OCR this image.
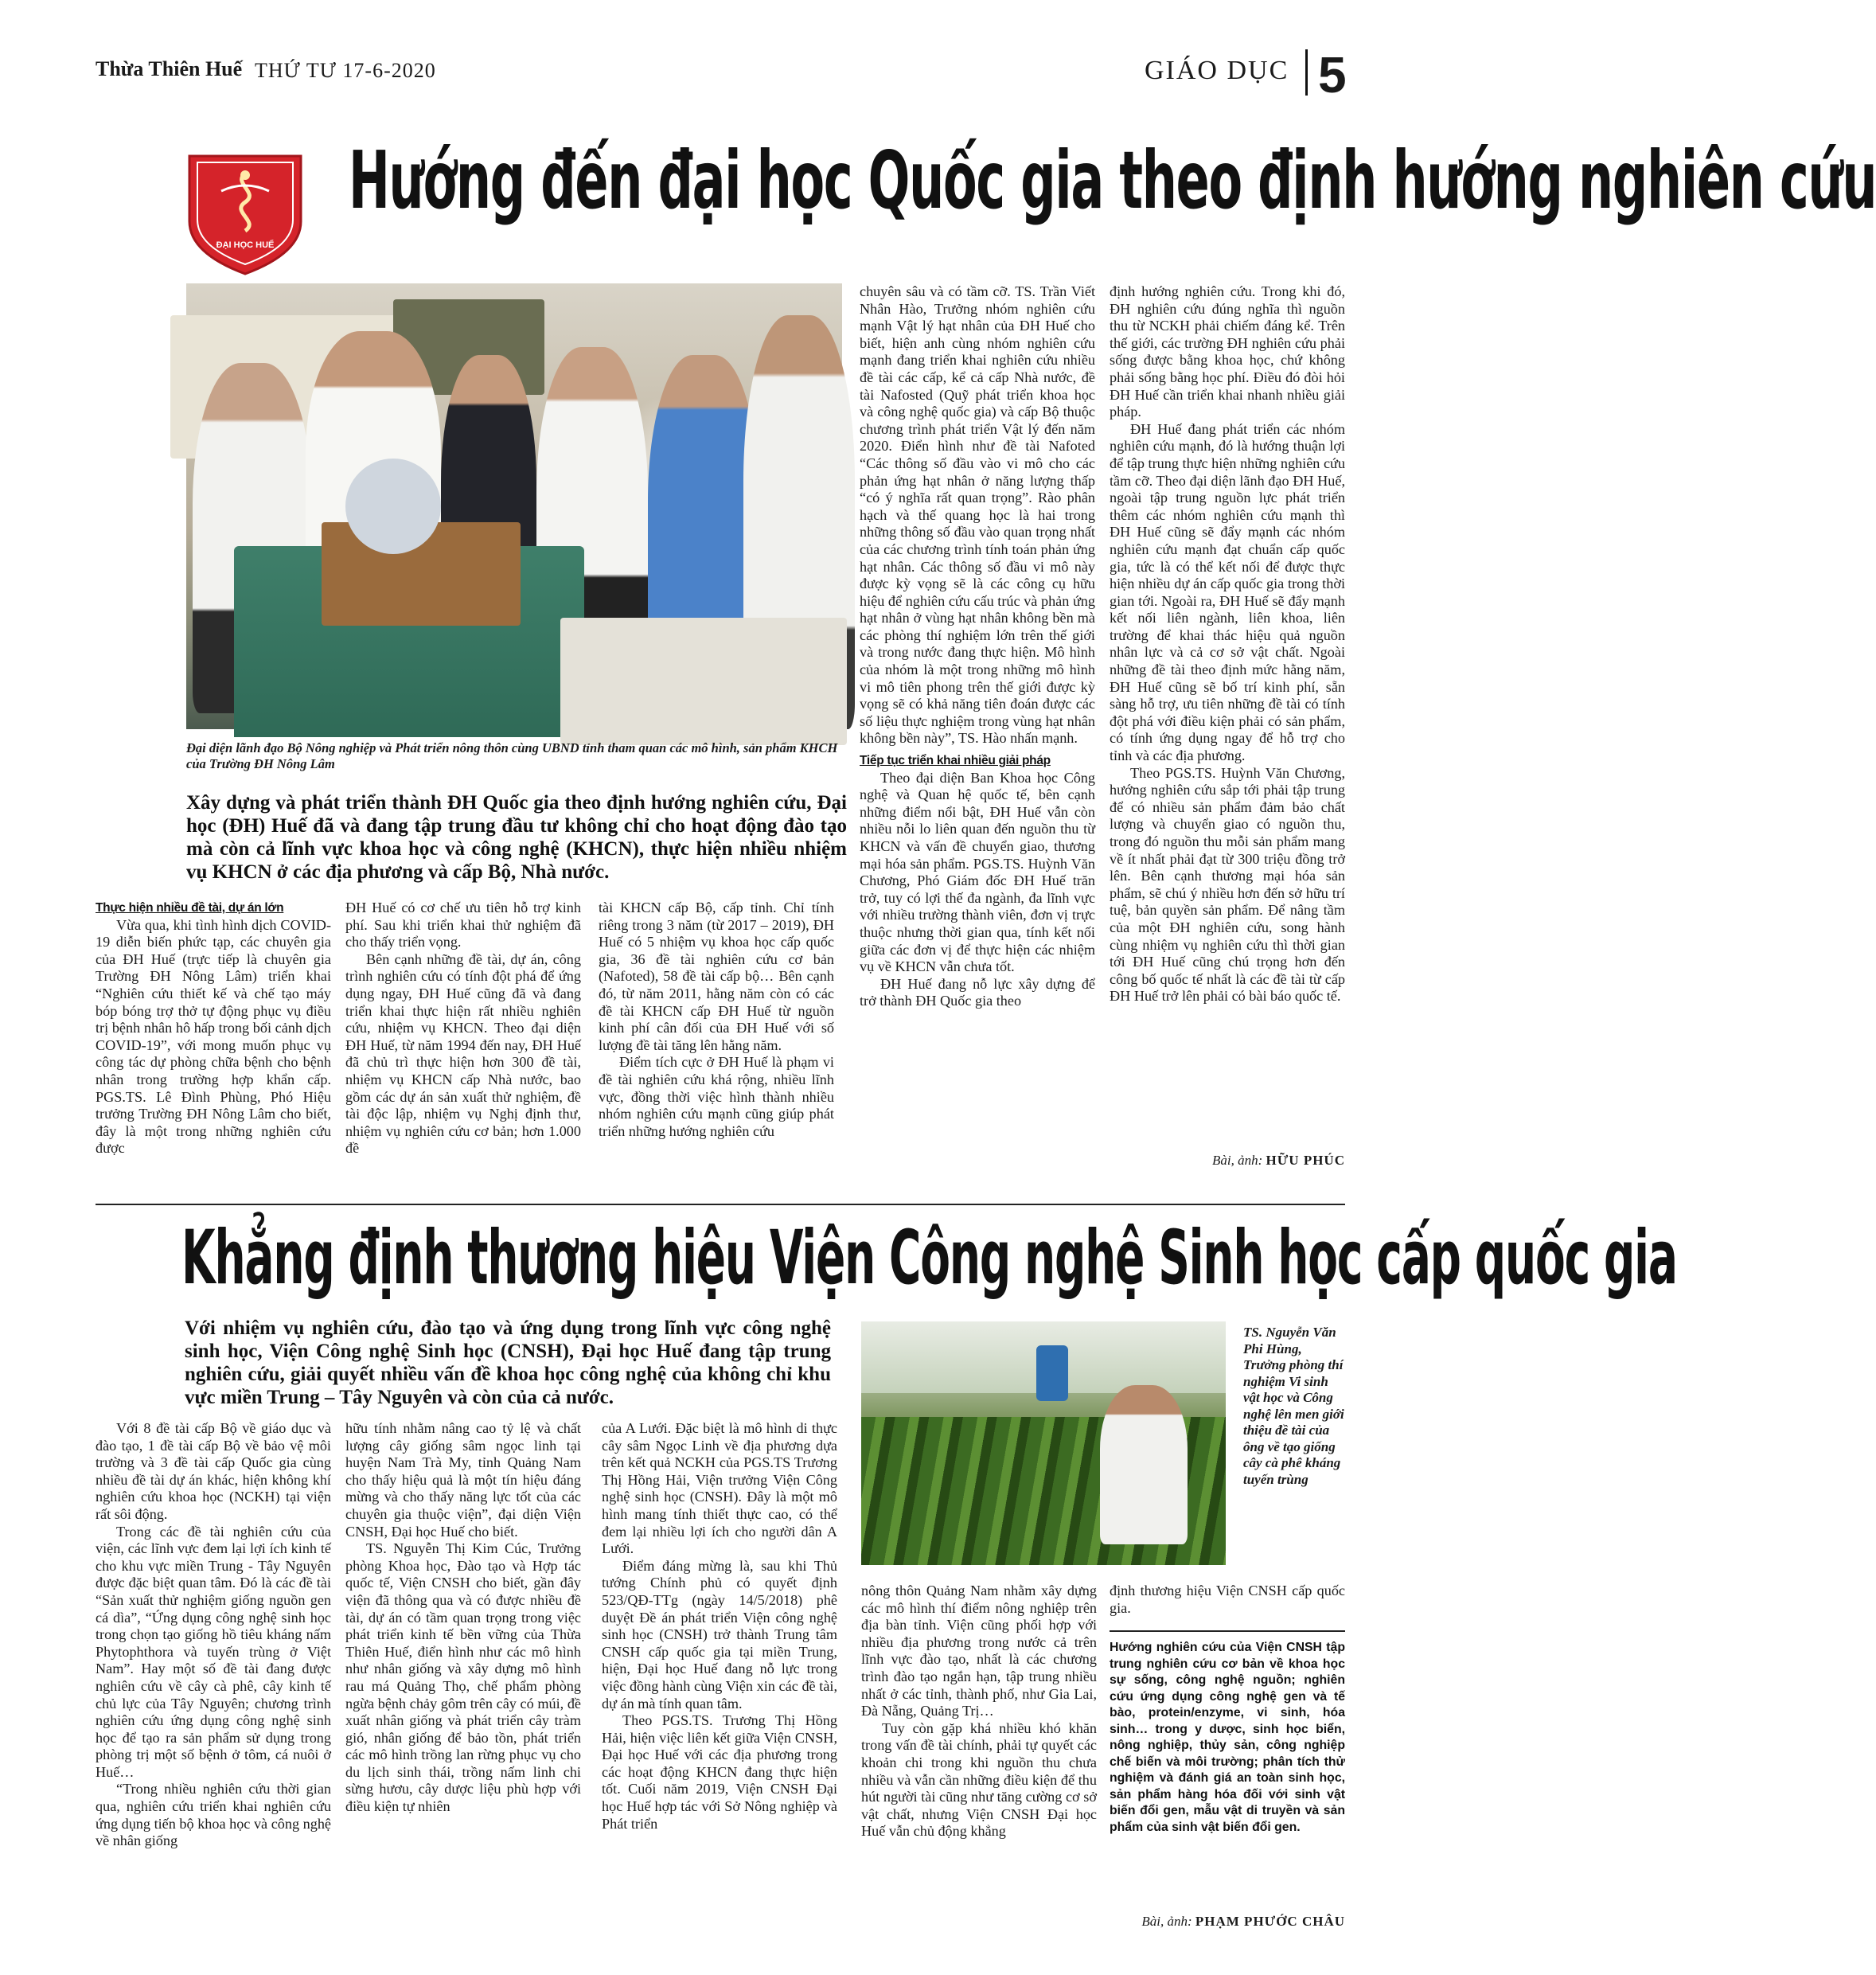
Thừa Thiên Huế THỨ TƯ 17-6-2020	GIÁO DỤC 5
ĐẠI HỌC HUẾ
Hướng đến đại học Quốc gia theo định hướng nghiên cứu
Đại diện lãnh đạo Bộ Nông nghiệp và Phát triển nông thôn cùng UBND tỉnh tham quan các mô hình, sản phẩm KHCH của Trường ĐH Nông Lâm
Xây dựng và phát triển thành ĐH Quốc gia theo định hướng nghiên cứu, Đại học (ĐH) Huế đã và đang tập trung đầu tư không chỉ cho hoạt động đào tạo mà còn cả lĩnh vực khoa học và công nghệ (KHCN), thực hiện nhiều nhiệm vụ KHCN ở các địa phương và cấp Bộ, Nhà nước.

Thực hiện nhiều đề tài, dự án lớn

Vừa qua, khi tình hình dịch COVID-19 diễn biến phức tạp, các chuyên gia của ĐH Huế (trực tiếp là chuyên gia Trường ĐH Nông Lâm) triển khai “Nghiên cứu thiết kế và chế tạo máy bóp bóng trợ thở tự động phục vụ điều trị bệnh nhân hô hấp trong bối cảnh dịch COVID-19”, với mong muốn phục vụ công tác dự phòng chữa bệnh cho bệnh nhân trong trường hợp khẩn cấp. PGS.TS. Lê Đình Phùng, Phó Hiệu trưởng Trường ĐH Nông Lâm cho biết, đây là một trong những nghiên cứu được

ĐH Huế có cơ chế ưu tiên hỗ trợ kinh phí. Sau khi triển khai thử nghiệm đã cho thấy triển vọng.

Bên cạnh những đề tài, dự án, công trình nghiên cứu có tính đột phá để ứng dụng ngay, ĐH Huế cũng đã và đang triển khai thực hiện rất nhiều nghiên cứu, nhiệm vụ KHCN. Theo đại diện ĐH Huế, từ năm 1994 đến nay, ĐH Huế đã chủ trì thực hiện hơn 300 đề tài, nhiệm vụ KHCN cấp Nhà nước, bao gồm các dự án sản xuất thử nghiệm, đề tài độc lập, nhiệm vụ Nghị định thư, nhiệm vụ nghiên cứu cơ bản; hơn 1.000 đề

tài KHCN cấp Bộ, cấp tỉnh. Chỉ tính riêng trong 3 năm (từ 2017 – 2019), ĐH Huế có 5 nhiệm vụ khoa học cấp quốc gia, 36 đề tài nghiên cứu cơ bản (Nafoted), 58 đề tài cấp bộ… Bên cạnh đó, từ năm 2011, hằng năm còn có các đề tài KHCN cấp ĐH Huế từ nguồn kinh phí cân đối của ĐH Huế với số lượng đề tài tăng lên hằng năm.

Điểm tích cực ở ĐH Huế là phạm vi đề tài nghiên cứu khá rộng, nhiều lĩnh vực, đồng thời việc hình thành nhiều nhóm nghiên cứu mạnh cũng giúp phát triển những hướng nghiên cứu

chuyên sâu và có tầm cỡ. TS. Trần Viết Nhân Hào, Trưởng nhóm nghiên cứu mạnh Vật lý hạt nhân của ĐH Huế cho biết, hiện anh cùng nhóm nghiên cứu mạnh đang triển khai nghiên cứu nhiều đề tài các cấp, kể cả cấp Nhà nước, đề tài Nafosted (Quỹ phát triển khoa học và công nghệ quốc gia) và cấp Bộ thuộc chương trình phát triển Vật lý đến năm 2020. Điển hình như đề tài Nafoted “Các thông số đầu vào vi mô cho các phản ứng hạt nhân ở năng lượng thấp “có ý nghĩa rất quan trọng”. Rào phân hạch và thế quang học là hai trong những thông số đầu vào quan trọng nhất của các chương trình tính toán phản ứng hạt nhân. Các thông số đầu vi mô này được kỳ vọng sẽ là các công cụ hữu hiệu để nghiên cứu cấu trúc và phản ứng hạt nhân ở vùng hạt nhân không bền mà các phòng thí nghiệm lớn trên thế giới và trong nước đang thực hiện. Mô hình của nhóm là một trong những mô hình vi mô tiên phong trên thế giới được kỳ vọng sẽ có khả năng tiên đoán được các số liệu thực nghiệm trong vùng hạt nhân không bền này”, TS. Hào nhấn mạnh.

Tiếp tục triển khai nhiều giải pháp

Theo đại diện Ban Khoa học Công nghệ và Quan hệ quốc tế, bên cạnh những điểm nổi bật, ĐH Huế vẫn còn nhiều nỗi lo liên quan đến nguồn thu từ KHCN và vấn đề chuyển giao, thương mại hóa sản phẩm. PGS.TS. Huỳnh Văn Chương, Phó Giám đốc ĐH Huế trăn trở, tuy có lợi thế đa ngành, đa lĩnh vực với nhiều trường thành viên, đơn vị trực thuộc nhưng thời gian qua, tính kết nối giữa các đơn vị để thực hiện các nhiệm vụ về KHCN vẫn chưa tốt.

ĐH Huế đang nỗ lực xây dựng để trở thành ĐH Quốc gia theo

định hướng nghiên cứu. Trong khi đó, ĐH nghiên cứu đúng nghĩa thì nguồn thu từ NCKH phải chiếm đáng kể. Trên thế giới, các trường ĐH nghiên cứu phải sống được bằng khoa học, chứ không phải sống bằng học phí. Điều đó đòi hỏi ĐH Huế cần triển khai nhanh nhiều giải pháp.

ĐH Huế đang phát triển các nhóm nghiên cứu mạnh, đó là hướng thuận lợi để tập trung thực hiện những nghiên cứu tầm cỡ. Theo đại diện lãnh đạo ĐH Huế, ngoài tập trung nguồn lực phát triển thêm các nhóm nghiên cứu mạnh thì ĐH Huế cũng sẽ đẩy mạnh các nhóm nghiên cứu mạnh đạt chuẩn cấp quốc gia, tức là có thể kết nối để được thực hiện nhiều dự án cấp quốc gia trong thời gian tới. Ngoài ra, ĐH Huế sẽ đẩy mạnh kết nối liên ngành, liên khoa, liên trường để khai thác hiệu quả nguồn nhân lực và cả cơ sở vật chất. Ngoài những đề tài theo định mức hằng năm, ĐH Huế cũng sẽ bố trí kinh phí, sẵn sàng hỗ trợ, ưu tiên những đề tài có tính đột phá với điều kiện phải có sản phẩm, có tính ứng dụng ngay để hỗ trợ cho tỉnh và các địa phương.

Theo PGS.TS. Huỳnh Văn Chương, hướng nghiên cứu sắp tới phải tập trung để có nhiều sản phẩm đảm bảo chất lượng và chuyển giao có nguồn thu, trong đó nguồn thu mỗi sản phẩm mang về ít nhất phải đạt từ 300 triệu đồng trở lên. Bên cạnh thương mại hóa sản phẩm, sẽ chú ý nhiều hơn đến sở hữu trí tuệ, bản quyền sản phẩm. Để nâng tầm của một ĐH nghiên cứu, song hành cùng nhiệm vụ nghiên cứu thì thời gian tới ĐH Huế cũng chú trọng hơn đến công bố quốc tế nhất là các đề tài từ cấp ĐH Huế trở lên phải có bài báo quốc tế.

Bài, ảnh: HỮU PHÚC
Khẳng định thương hiệu Viện Công nghệ Sinh học cấp quốc gia
Với nhiệm vụ nghiên cứu, đào tạo và ứng dụng trong lĩnh vực công nghệ sinh học, Viện Công nghệ Sinh học (CNSH), Đại học Huế đang tập trung nghiên cứu, giải quyết nhiều vấn đề khoa học công nghệ của không chỉ khu vực miền Trung – Tây Nguyên và còn của cả nước.
TS. Nguyễn Văn Phi Hùng, Trưởng phòng thí nghiệm Vi sinh vật học và Công nghệ lên men giới thiệu đề tài của ông về tạo giống cây cà phê kháng tuyến trùng

Với 8 đề tài cấp Bộ về giáo dục và đào tạo, 1 đề tài cấp Bộ về bảo vệ môi trường và 3 đề tài cấp Quốc gia cùng nhiều đề tài dự án khác, hiện không khí nghiên cứu khoa học (NCKH) tại viện rất sôi động.

Trong các đề tài nghiên cứu của viện, các lĩnh vực đem lại lợi ích kinh tế cho khu vực miền Trung - Tây Nguyên được đặc biệt quan tâm. Đó là các đề tài “Sản xuất thử nghiệm giống nguồn gen cá dìa”, “Ứng dụng công nghệ sinh học trong chọn tạo giống hồ tiêu kháng nấm Phytophthora và tuyến trùng ở Việt Nam”. Hay một số đề tài đang được nghiên cứu về cây cà phê, cây kinh tế chủ lực của Tây Nguyên; chương trình nghiên cứu ứng dụng công nghệ sinh học để tạo ra sản phẩm sử dụng trong phòng trị một số bệnh ở tôm, cá nuôi ở Huế…

“Trong nhiều nghiên cứu thời gian qua, nghiên cứu triển khai nghiên cứu ứng dụng tiến bộ khoa học và công nghệ về nhân giống

hữu tính nhằm nâng cao tỷ lệ và chất lượng cây giống sâm ngọc linh tại huyện Nam Trà My, tỉnh Quảng Nam cho thấy hiệu quả là một tín hiệu đáng mừng và cho thấy năng lực tốt của các chuyên gia thuộc viện”, đại diện Viện CNSH, Đại học Huế cho biết.

TS. Nguyễn Thị Kim Cúc, Trưởng phòng Khoa học, Đào tạo và Hợp tác quốc tế, Viện CNSH cho biết, gần đây viện đã thông qua và có được nhiều đề tài, dự án có tầm quan trọng trong việc phát triển kinh tế bền vững của Thừa Thiên Huế, điển hình như các mô hình như nhân giống và xây dựng mô hình rau má Quảng Thọ, chế phẩm phòng ngừa bệnh chảy gôm trên cây có múi, đề xuất nhân giống và phát triển cây tràm gió, nhân giống để bảo tồn, phát triển các mô hình trồng lan rừng phục vụ cho du lịch sinh thái, trồng nấm linh chi sừng hươu, cây dược liệu phù hợp với điều kiện tự nhiên

của A Lưới. Đặc biệt là mô hình di thực cây sâm Ngọc Linh về địa phương dựa trên kết quả NCKH của PGS.TS Trương Thị Hồng Hải, Viện trưởng Viện Công nghệ sinh học (CNSH). Đây là một mô hình mang tính thiết thực cao, có thể đem lại nhiều lợi ích cho người dân A Lưới.

Điểm đáng mừng là, sau khi Thủ tướng Chính phủ có quyết định 523/QĐ-TTg (ngày 14/5/2018) phê duyệt Đề án phát triển Viện công nghệ sinh học (CNSH) trở thành Trung tâm CNSH cấp quốc gia tại miền Trung, hiện, Đại học Huế đang nỗ lực trong việc đồng hành cùng Viện xin các đề tài, dự án mà tính quan tâm.

Theo PGS.TS. Trương Thị Hồng Hải, hiện việc liên kết giữa Viện CNSH, Đại học Huế với các địa phương trong các hoạt động KHCN đang thực hiện tốt. Cuối năm 2019, Viện CNSH Đại học Huế hợp tác với Sở Nông nghiệp và Phát triển

nông thôn Quảng Nam nhằm xây dựng các mô hình thí điểm nông nghiệp trên địa bàn tỉnh. Viện cũng phối hợp với nhiều địa phương trong nước cả trên lĩnh vực đào tạo, nhất là các chương trình đào tạo ngắn hạn, tập trung nhiều nhất ở các tỉnh, thành phố, như Gia Lai, Đà Nẵng, Quảng Trị…

Tuy còn gặp khá nhiều khó khăn trong vấn đề tài chính, phải tự quyết các khoản chi trong khi nguồn thu chưa nhiều và vẫn cần những điều kiện để thu hút người tài cũng như tăng cường cơ sở vật chất, nhưng Viện CNSH Đại học Huế vẫn chủ động khẳng

định thương hiệu Viện CNSH cấp quốc gia.

Hướng nghiên cứu của Viện CNSH tập trung nghiên cứu cơ bản về khoa học sự sống, công nghệ nguồn; nghiên cứu ứng dụng công nghệ gen và tế bào, protein/enzyme, vi sinh, hóa sinh… trong y dược, sinh học biển, nông nghiệp, thủy sản, công nghiệp chế biến và môi trường; phân tích thử nghiệm và đánh giá an toàn sinh học, sản phẩm hàng hóa đối với sinh vật biến đổi gen, mẫu vật di truyền và sản phẩm của sinh vật biến đổi gen.
Bài, ảnh: PHẠM PHƯỚC CHÂU
